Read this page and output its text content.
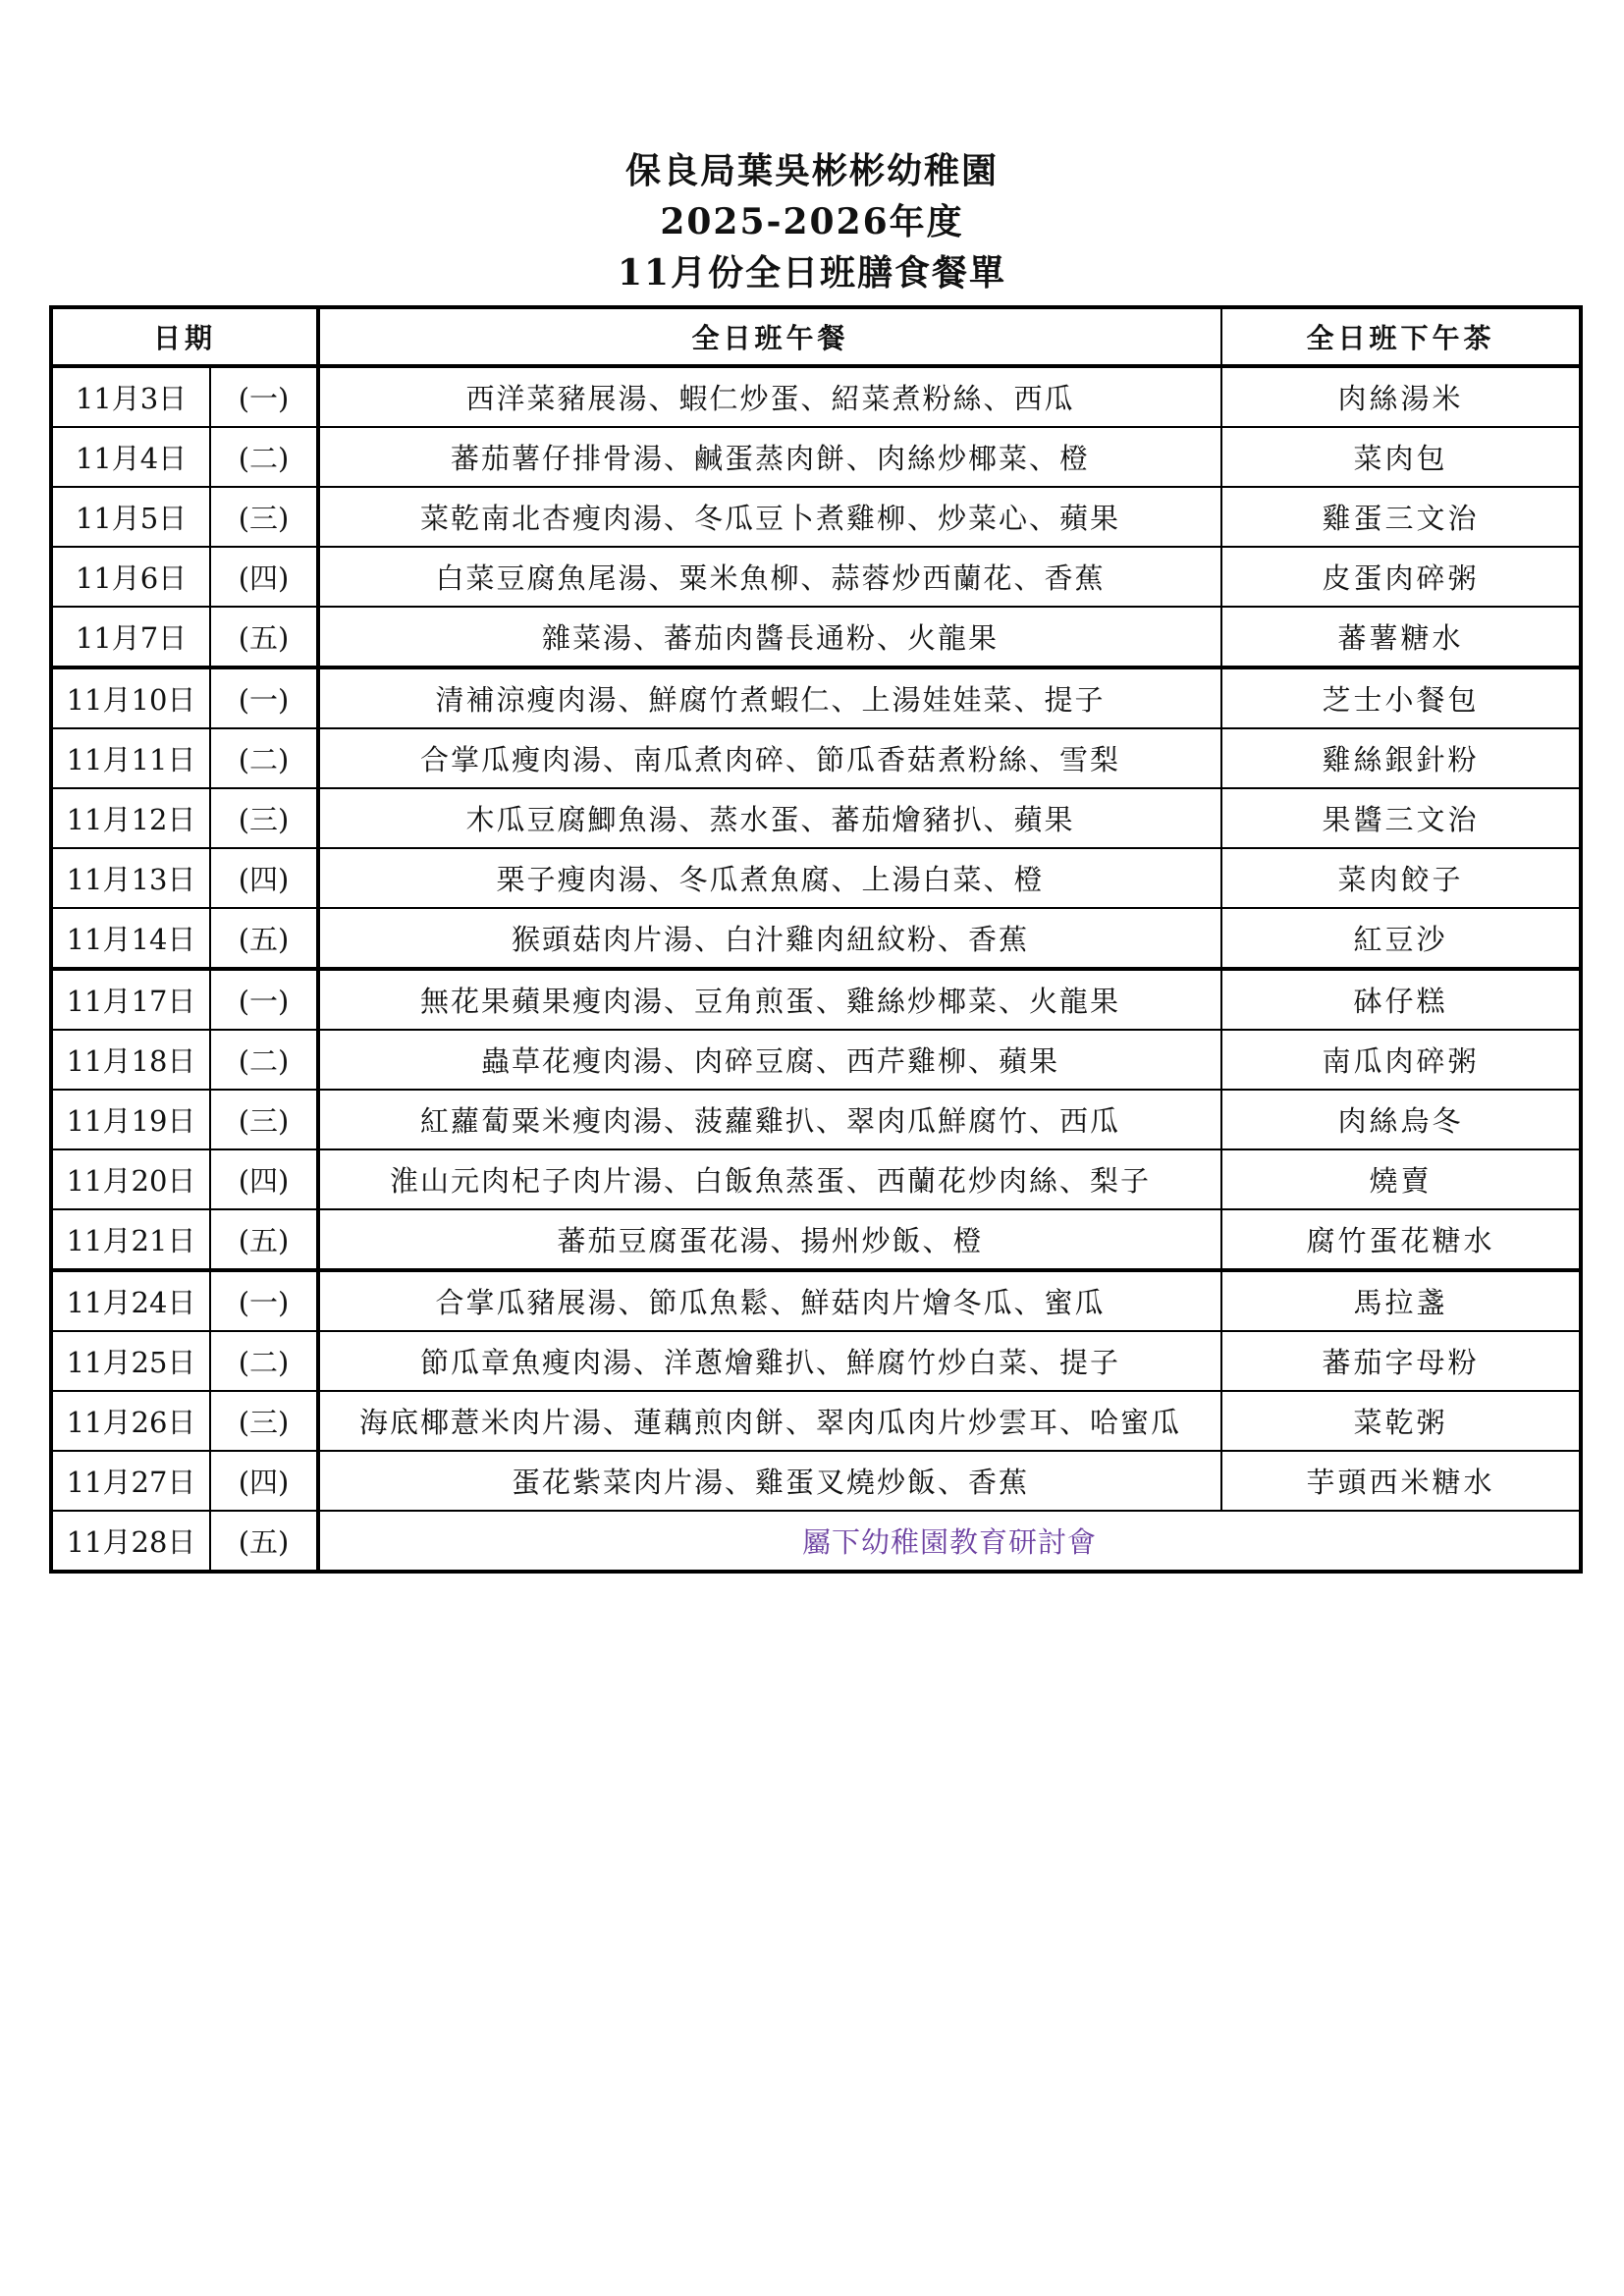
保良局葉吳彬彬幼稚園
2025-2026年度
11月份全日班膳食餐單
日期		全日班午餐	全日班下午茶
11月3日	(一)	西洋菜豬展湯、蝦仁炒蛋、紹菜煮粉絲、西瓜	肉絲湯米
11月4日	(二)	蕃茄薯仔排骨湯、鹹蛋蒸肉餅、肉絲炒椰菜、橙	菜肉包
11月5日	(三)	菜乾南北杏瘦肉湯、冬瓜豆卜煮雞柳、炒菜心、蘋果	雞蛋三文治
11月6日	(四)	白菜豆腐魚尾湯、粟米魚柳、蒜蓉炒西蘭花、香蕉	皮蛋肉碎粥
11月7日	(五)	雜菜湯、蕃茄肉醬長通粉、火龍果	蕃薯糖水
11月10日	(一)	清補涼瘦肉湯、鮮腐竹煮蝦仁、上湯娃娃菜、提子	芝士小餐包
11月11日	(二)	合掌瓜瘦肉湯、南瓜煮肉碎、節瓜香菇煮粉絲、雪梨	雞絲銀針粉
11月12日	(三)	木瓜豆腐鯽魚湯、蒸水蛋、蕃茄燴豬扒、蘋果	果醬三文治
11月13日	(四)	栗子瘦肉湯、冬瓜煮魚腐、上湯白菜、橙	菜肉餃子
11月14日	(五)	猴頭菇肉片湯、白汁雞肉紐紋粉、香蕉	紅豆沙
11月17日	(一)	無花果蘋果瘦肉湯、豆角煎蛋、雞絲炒椰菜、火龍果	砵仔糕
11月18日	(二)	蟲草花瘦肉湯、肉碎豆腐、西芹雞柳、蘋果	南瓜肉碎粥
11月19日	(三)	紅蘿蔔粟米瘦肉湯、菠蘿雞扒、翠肉瓜鮮腐竹、西瓜	肉絲烏冬
11月20日	(四)	淮山元肉杞子肉片湯、白飯魚蒸蛋、西蘭花炒肉絲、梨子	燒賣
11月21日	(五)	蕃茄豆腐蛋花湯、揚州炒飯、橙	腐竹蛋花糖水
11月24日	(一)	合掌瓜豬展湯、節瓜魚鬆、鮮菇肉片燴冬瓜、蜜瓜	馬拉盞
11月25日	(二)	節瓜章魚瘦肉湯、洋蔥燴雞扒、鮮腐竹炒白菜、提子	蕃茄字母粉
11月26日	(三)	海底椰薏米肉片湯、蓮藕煎肉餅、翠肉瓜肉片炒雲耳、哈蜜瓜	菜乾粥
11月27日	(四)	蛋花紫菜肉片湯、雞蛋叉燒炒飯、香蕉	芋頭西米糖水
11月28日	(五)	屬下幼稚園教育研討會	
